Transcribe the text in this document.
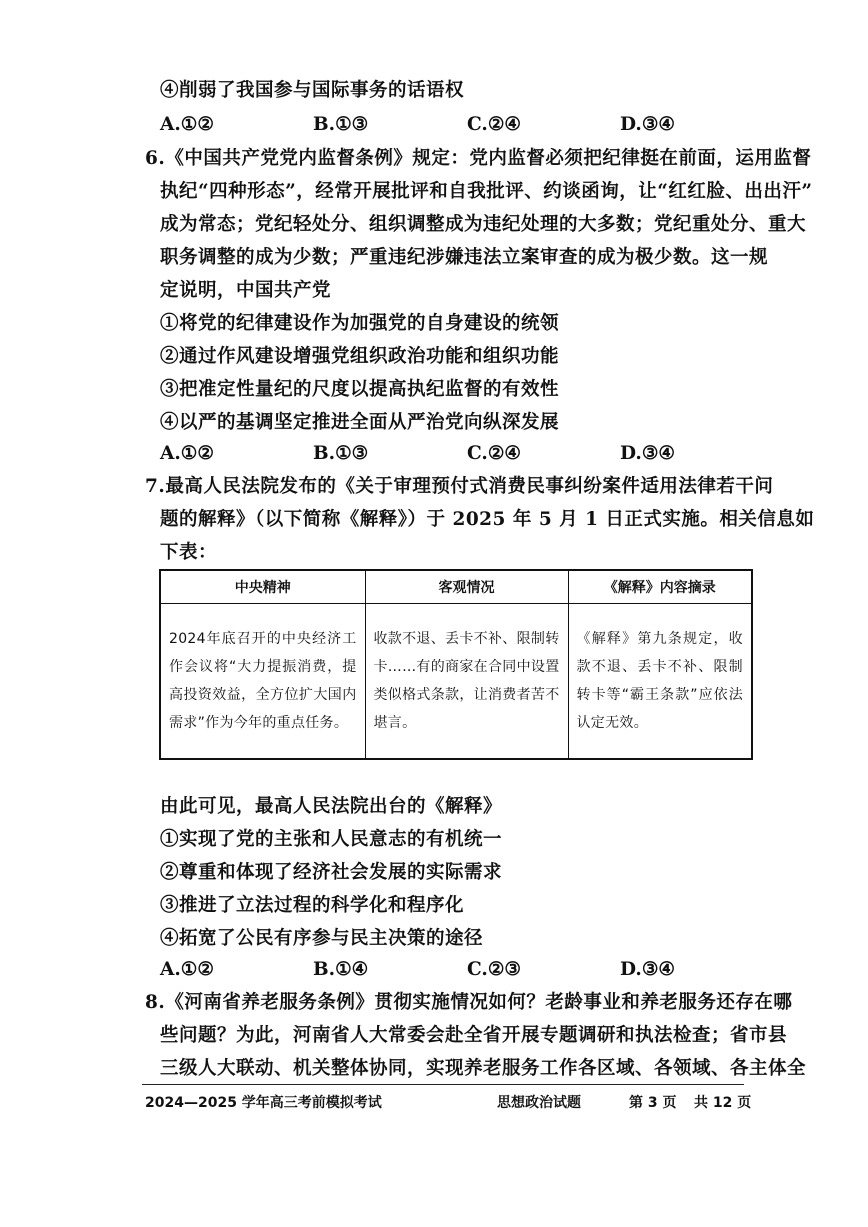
④削弱了我国参与国际事务的话语权
A.①②	B.①③	C.②④	D.③④
6.《中国共产党党内监督条例》规定：党内监督必须把纪律挺在前面，运用监督
执纪“四种形态”，经常开展批评和自我批评、约谈函询，让“红红脸、出出汗”
成为常态；党纪轻处分、组织调整成为违纪处理的大多数；党纪重处分、重大
职务调整的成为少数；严重违纪涉嫌违法立案审查的成为极少数。这一规
定说明，中国共产党
①将党的纪律建设作为加强党的自身建设的统领
②通过作风建设增强党组织政治功能和组织功能
③把准定性量纪的尺度以提高执纪监督的有效性
④以严的基调坚定推进全面从严治党向纵深发展
A.①②	B.①③	C.②④	D.③④
7.最高人民法院发布的《关于审理预付式消费民事纠纷案件适用法律若干问
题的解释》（以下简称《解释》）于 2025 年 5 月 1 日正式实施。相关信息如
下表：
中央精神	客观情况	《解释》内容摘录
2024年底召开的中央经济工作会议将“大力提振消费，提高投资效益，全方位扩大国内需求”作为今年的重点任务。	收款不退、丢卡不补、限制转卡……有的商家在合同中设置类似格式条款，让消费者苦不堪言。	《解释》第九条规定，收款不退、丢卡不补、限制转卡等“霸王条款”应依法认定无效。
由此可见，最高人民法院出台的《解释》
①实现了党的主张和人民意志的有机统一
②尊重和体现了经济社会发展的实际需求
③推进了立法过程的科学化和程序化
④拓宽了公民有序参与民主决策的途径
A.①②	B.①④	C.②③	D.③④
8.《河南省养老服务条例》贯彻实施情况如何？老龄事业和养老服务还存在哪
些问题？为此，河南省人大常委会赴全省开展专题调研和执法检查；省市县
三级人大联动、机关整体协同，实现养老服务工作各区域、各领域、各主体全
2024—2025 学年高三考前模拟考试	思想政治试题	第 3 页 共 12 页
